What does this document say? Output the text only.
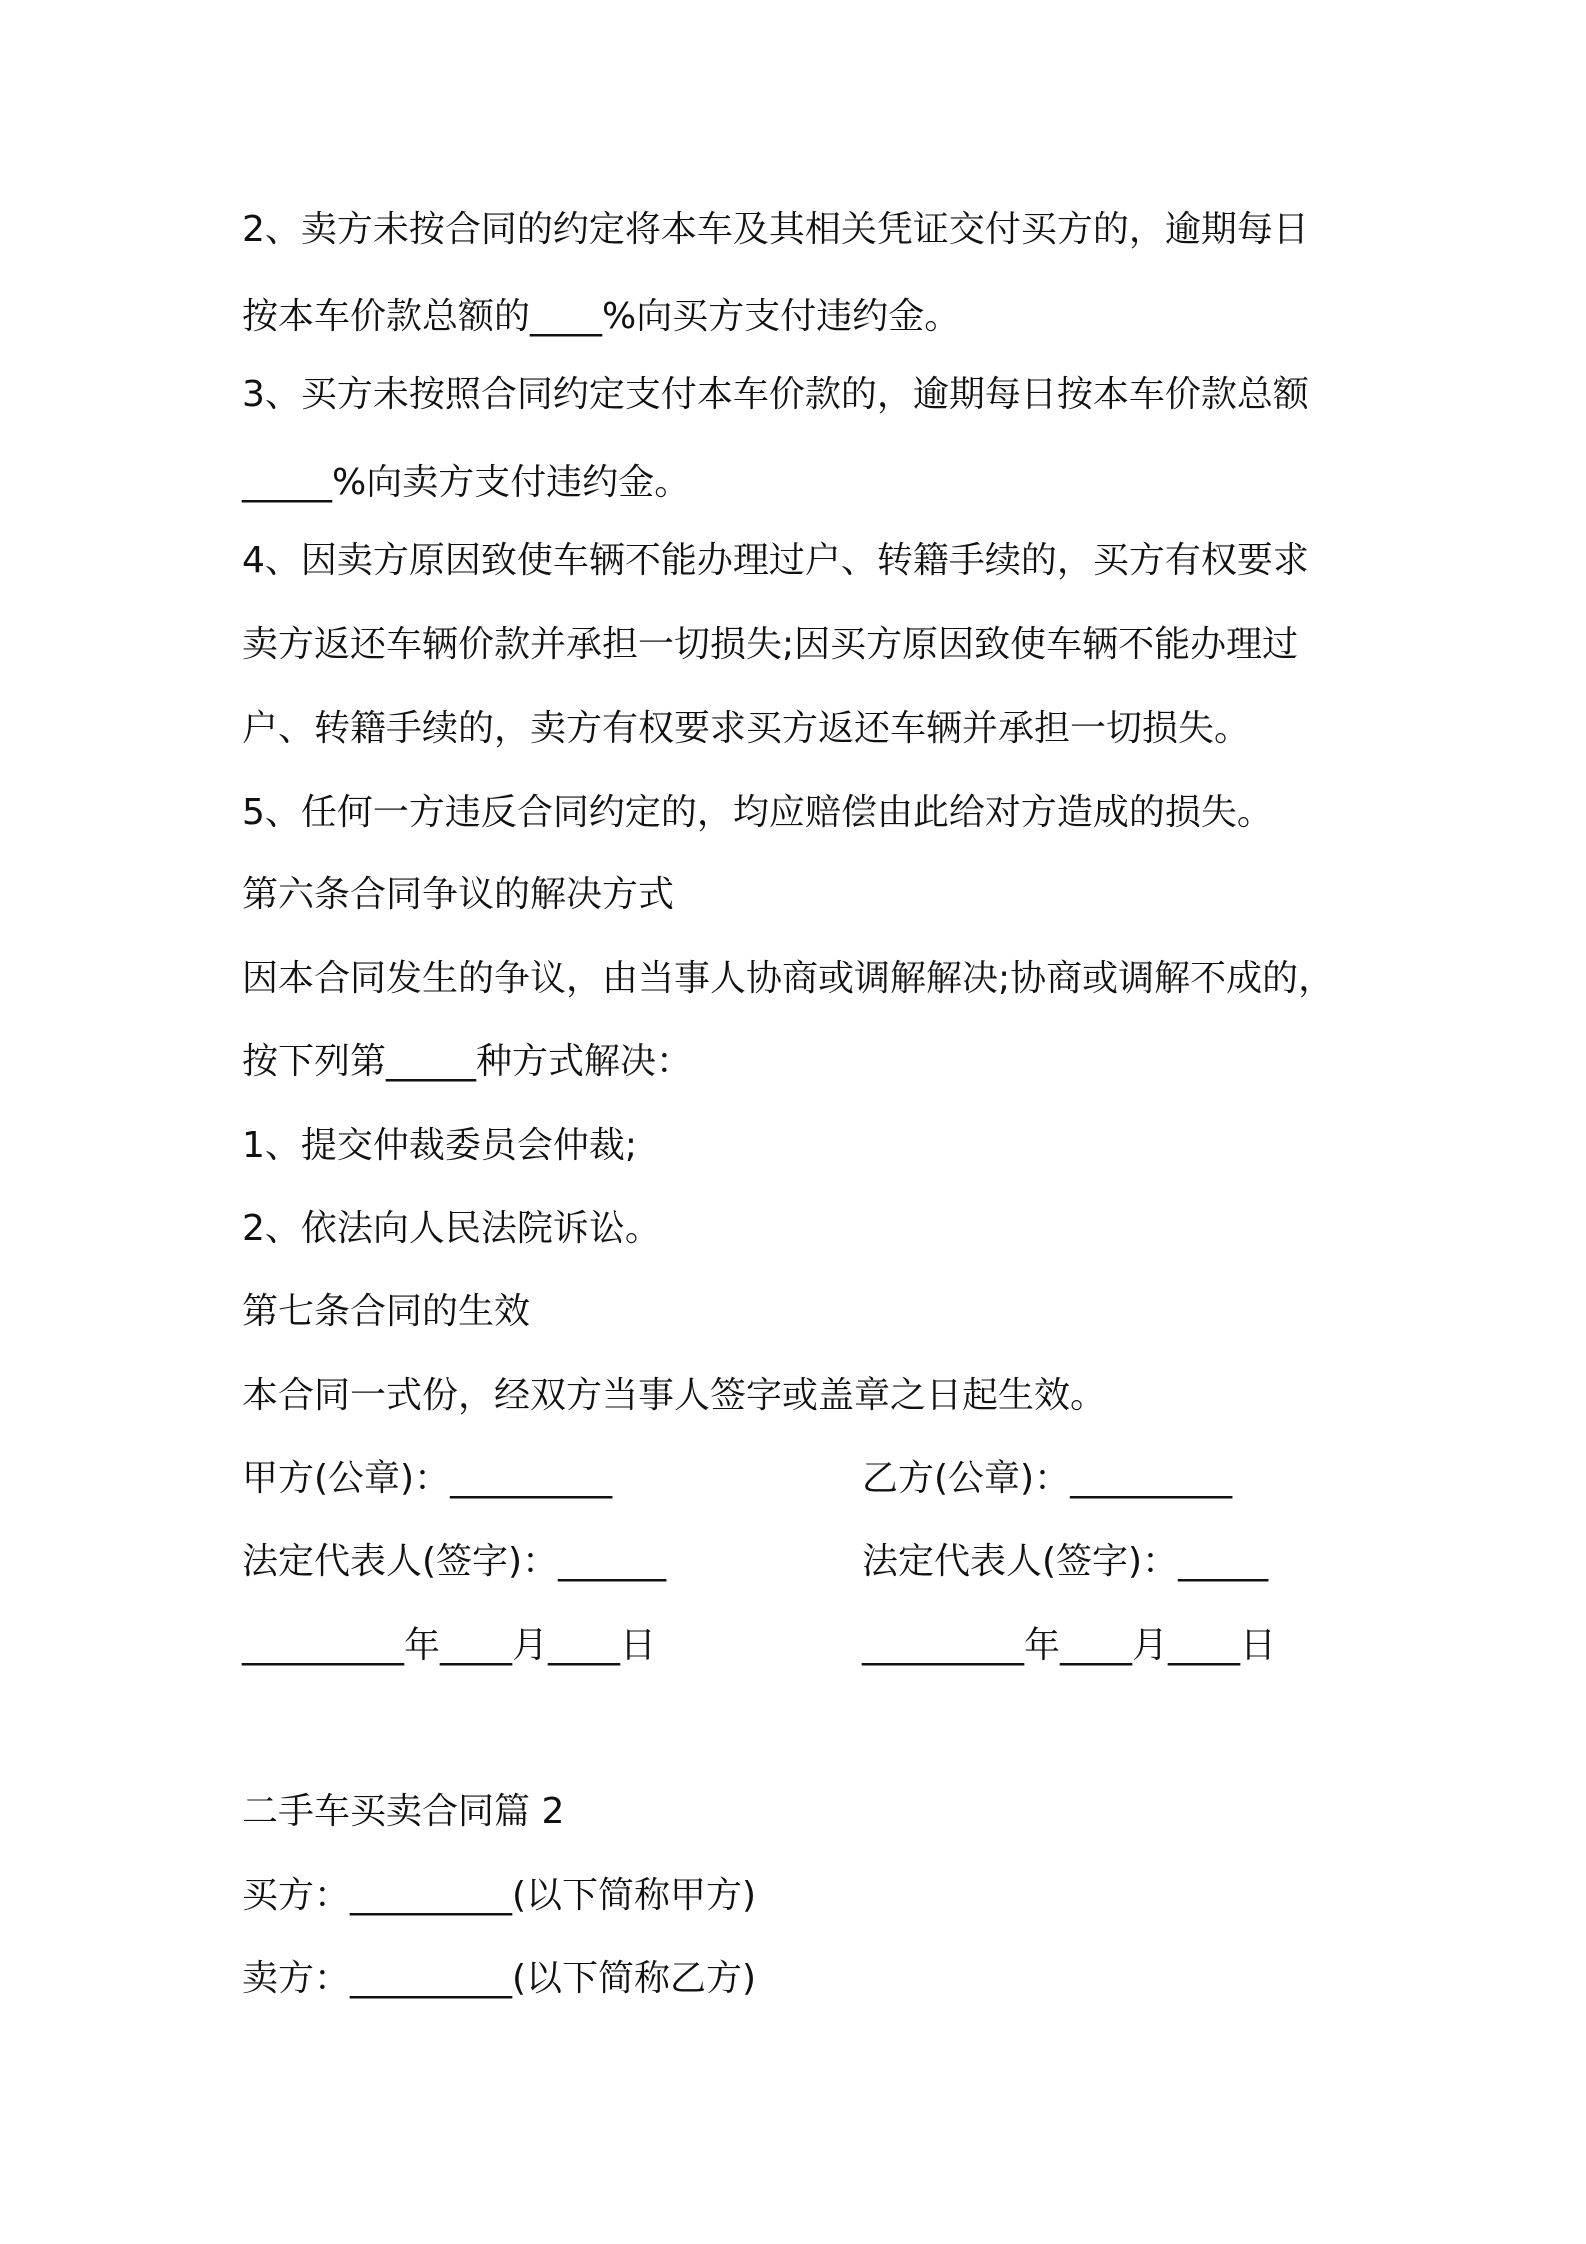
2、卖方未按合同的约定将本车及其相关凭证交付买方的，逾期每日
按本车价款总额的____%向买方支付违约金。
3、买方未按照合同约定支付本车价款的，逾期每日按本车价款总额
_____%向卖方支付违约金。
4、因卖方原因致使车辆不能办理过户、转籍手续的，买方有权要求
卖方返还车辆价款并承担一切损失;因买方原因致使车辆不能办理过
户、转籍手续的，卖方有权要求买方返还车辆并承担一切损失。
5、任何一方违反合同约定的，均应赔偿由此给对方造成的损失。
第六条合同争议的解决方式
因本合同发生的争议，由当事人协商或调解解决;协商或调解不成的，
按下列第_____种方式解决：
1、提交仲裁委员会仲裁;
2、依法向人民法院诉讼。
第七条合同的生效
本合同一式份，经双方当事人签字或盖章之日起生效。
甲方(公章)：_________	乙方(公章)：_________
法定代表人(签字)：______	法定代表人(签字)：_____
_________年____月____日	_________年____月____日
二手车买卖合同篇 2
买方：_________(以下简称甲方)
卖方：_________(以下简称乙方)
